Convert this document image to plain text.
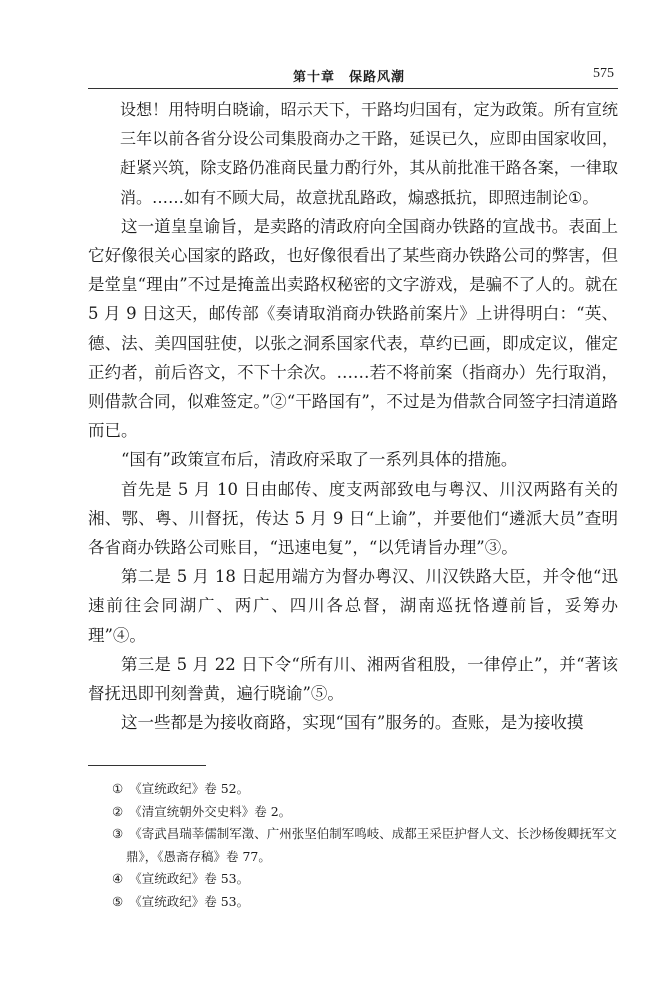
第十章　保路风潮	575

设想！用特明白晓谕，昭示天下，干路均归国有，定为政策。所有宣统三年以前各省分设公司集股商办之干路，延误已久，应即由国家收回，赶紧兴筑，除支路仍准商民量力酌行外，其从前批准干路各案，一律取消。……如有不顾大局，故意扰乱路政，煽惑抵抗，即照违制论①。

这一道皇皇谕旨，是卖路的清政府向全国商办铁路的宣战书。表面上它好像很关心国家的路政，也好像很看出了某些商办铁路公司的弊害，但是堂皇“理由”不过是掩盖出卖路权秘密的文字游戏，是骗不了人的。就在 5 月 9 日这天，邮传部《奏请取消商办铁路前案片》上讲得明白：“英、德、法、美四国驻使，以张之洞系国家代表，草约已画，即成定议，催定正约者，前后咨文，不下十余次。……若不将前案（指商办）先行取消，则借款合同，似难签定。”②“干路国有”，不过是为借款合同签字扫清道路而已。

“国有”政策宣布后，清政府采取了一系列具体的措施。

首先是 5 月 10 日由邮传、度支两部致电与粤汉、川汉两路有关的湘、鄂、粤、川督抚，传达 5 月 9 日“上谕”，并要他们“遴派大员”查明各省商办铁路公司账目，“迅速电复”，“以凭请旨办理”③。

第二是 5 月 18 日起用端方为督办粤汉、川汉铁路大臣，并令他“迅速前往会同湖广、两广、四川各总督，湖南巡抚恪遵前旨，妥筹办理”④。

第三是 5 月 22 日下令“所有川、湘两省租股，一律停止”，并“著该督抚迅即刊刻誊黄，遍行晓谕”⑤。

这一些都是为接收商路，实现“国有”服务的。查账，是为接收摸

① 《宣统政纪》卷 52。

② 《清宣统朝外交史料》卷 2。

③ 《寄武昌瑞莘儒制军澂、广州张坚伯制军鸣岐、成都王采臣护督人文、长沙杨俊卿抚军文鼎》，《愚斋存稿》卷 77。

④ 《宣统政纪》卷 53。

⑤ 《宣统政纪》卷 53。
